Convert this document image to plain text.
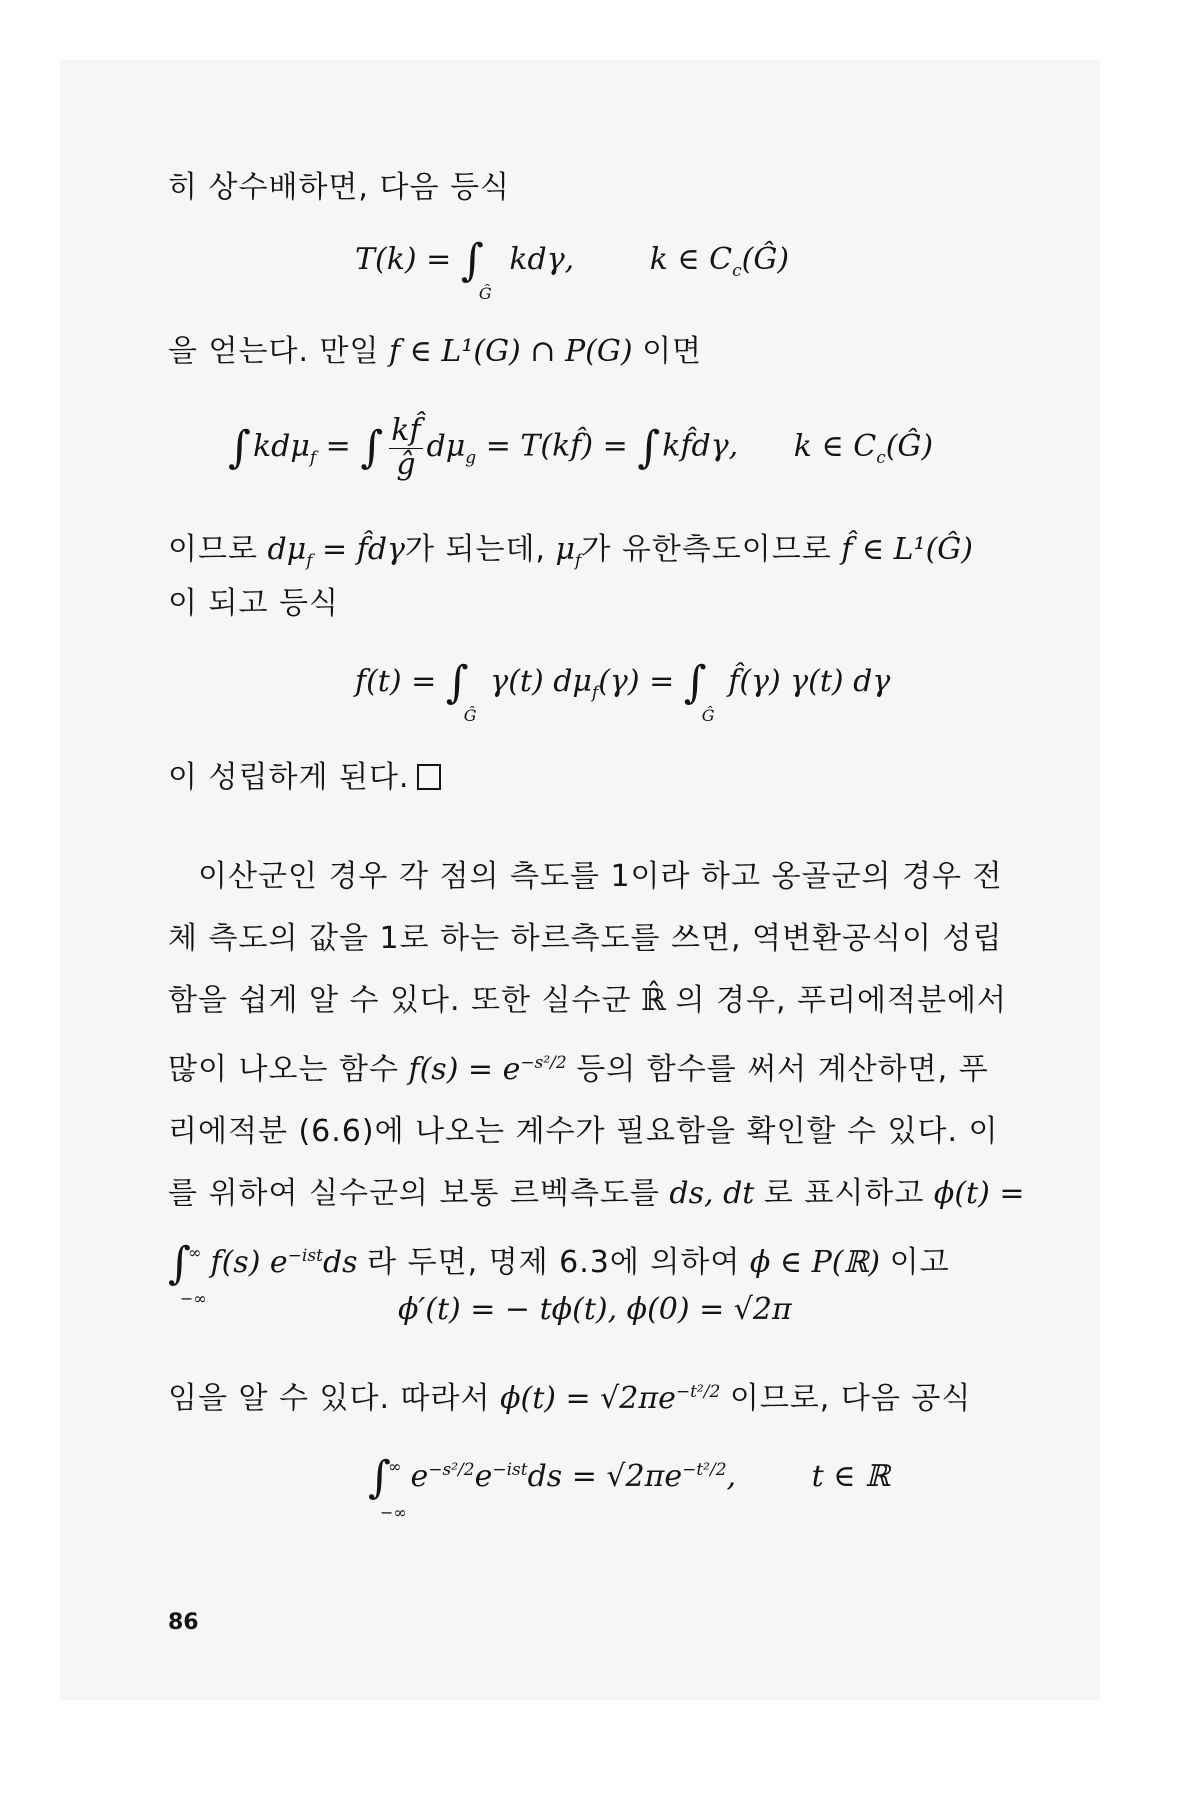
히 상수배하면, 다음 등식
T(k) = ∫
Ĝ
kdγ,	k ∈ $C_c(Ĝ)$
을 얻는다. 만일 f ∈ L¹(G) ∩ P(G) 이면
∫kdμ$_f$ = ∫ $\frac{kf̂}{ĝ} d\mu_g$ = T(kf̂) = ∫kf̂dγ, k ∈ $C_c(Ĝ)$
이므로 $d\mu_f$ = f̂dγ가 되는데, $\mu_f$가 유한측도이므로 f̂ ∈ L¹(Ĝ)
이 되고 등식
f(t) = ∫
Ĝ
γ(t) $d\mu_f(\gamma)$ = ∫
Ĝ
f̂(γ) γ(t) dγ
이 성립하게 된다.
이산군인 경우 각 점의 측도를 1이라 하고 옹골군의 경우 전
체 측도의 값을 1로 하는 하르측도를 쓰면, 역변환공식이 성립
함을 쉽게 알 수 있다. 또한 실수군 ℝ̂ 의 경우, 푸리에적분에서
많이 나오는 함수 $f(s) = e^{-s^2/2}$ 등의 함수를 써서 계산하면, 푸
리에적분 (6.6)에 나오는 계수가 필요함을 확인할 수 있다. 이
를 위하여 실수군의 보통 르벡측도를 ds, dt 로 표시하고 ϕ(t) =
∫
∞
−∞
f(s) $e^{-ist}ds$ 라 두면, 명제 6.3에 의하여 ϕ ∈ P(ℝ) 이고
ϕ′(t) = − tϕ(t), ϕ(0) = √2π
임을 알 수 있다. 따라서 $\phi(t) = √2\pi e^{-t^2/2}$ 이므로, 다음 공식
∫
∞
−∞
$e^{-s^2/2}e^{-ist}ds = √2\pi e^{-t^2/2}$,	t ∈ ℝ
86
